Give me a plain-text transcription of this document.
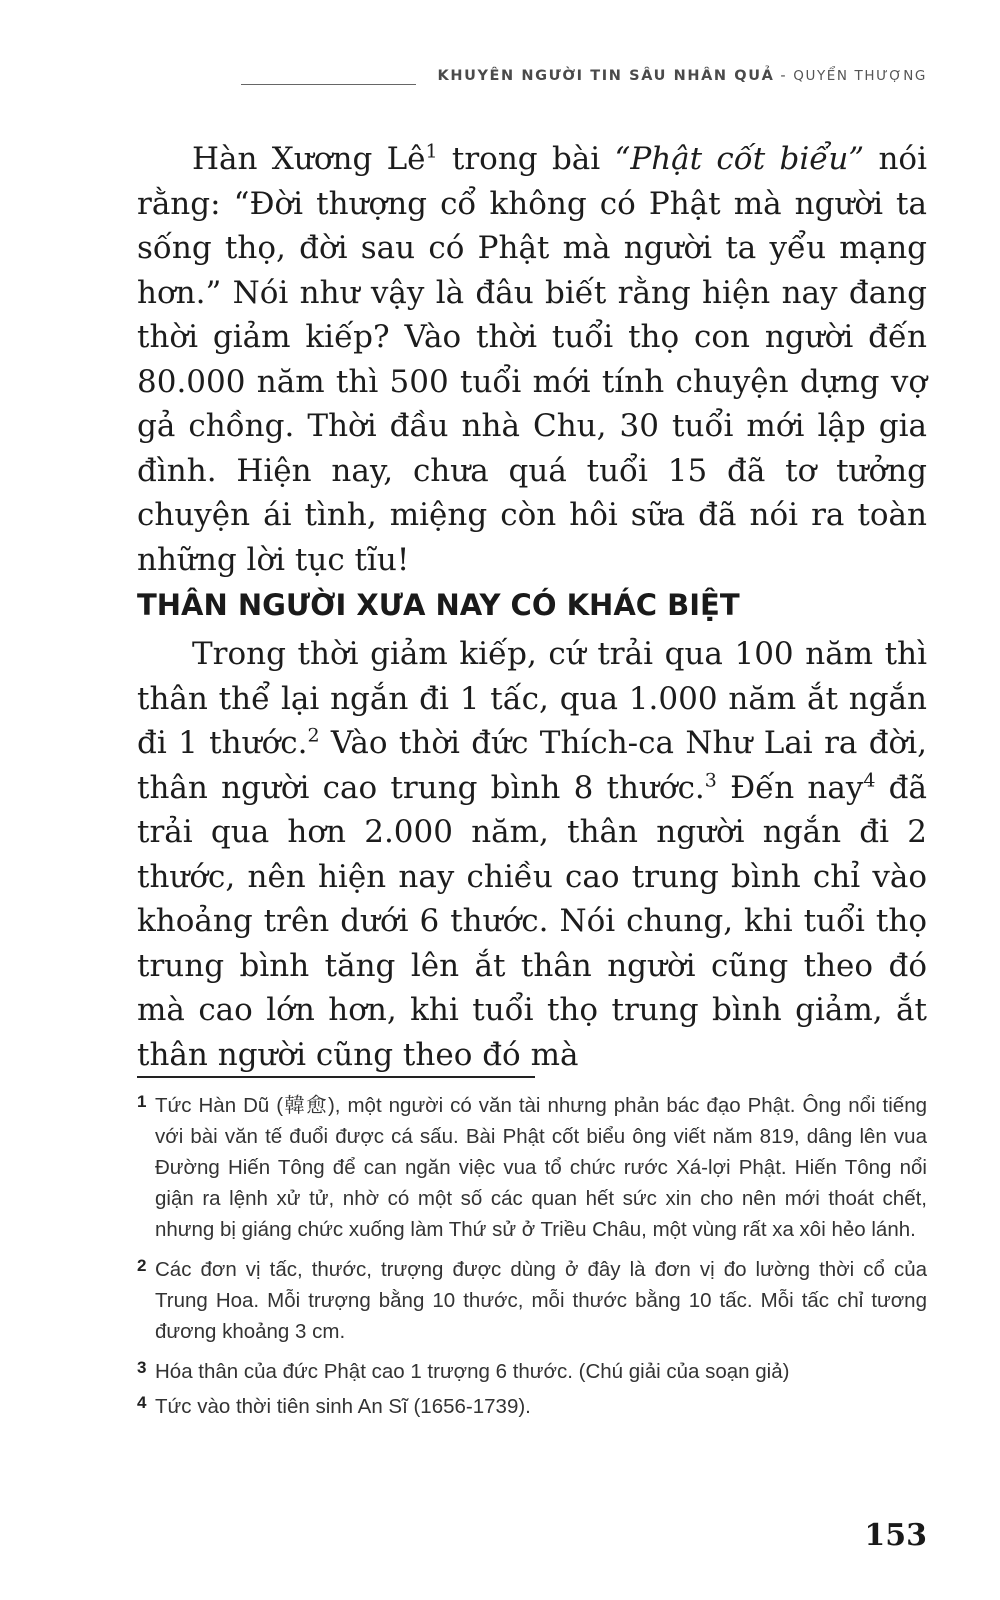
KHUYÊN NGƯỜI TIN SÂU NHÂN QUẢ - QUYỂN THƯỢNG

Hàn Xương $Lê^1$ trong bài “Phật cốt biểu” nói rằng: “Đời thượng cổ không có Phật mà người ta sống thọ, đời sau có Phật mà người ta yểu mạng hơn.” Nói như vậy là đâu biết rằng hiện nay đang thời giảm kiếp? Vào thời tuổi thọ con người đến 80.000 năm thì 500 tuổi mới tính chuyện dựng vợ gả chồng. Thời đầu nhà Chu, 30 tuổi mới lập gia đình. Hiện nay, chưa quá tuổi 15 đã tơ tưởng chuyện ái tình, miệng còn hôi sữa đã nói ra toàn những lời tục tĩu!

THÂN NGƯỜI XƯA NAY CÓ KHÁC BIỆT

Trong thời giảm kiếp, cứ trải qua 100 năm thì thân thể lại ngắn đi 1 tấc, qua 1.000 năm ắt ngắn đi 1 thước.$^2$ Vào thời đức Thích-ca Như Lai ra đời, thân người cao trung bình 8 thước.$^3$ Đến nay$^4$ đã trải qua hơn 2.000 năm, thân người ngắn đi 2 thước, nên hiện nay chiều cao trung bình chỉ vào khoảng trên dưới 6 thước. Nói chung, khi tuổi thọ trung bình tăng lên ắt thân người cũng theo đó mà cao lớn hơn, khi tuổi thọ trung bình giảm, ắt thân người cũng theo đó mà

1 Tức Hàn Dũ (韓愈), một người có văn tài nhưng phản bác đạo Phật. Ông nổi tiếng với bài văn tế đuổi được cá sấu. Bài Phật cốt biểu ông viết năm 819, dâng lên vua Đường Hiến Tông để can ngăn việc vua tổ chức rước Xá-lợi Phật. Hiến Tông nổi giận ra lệnh xử tử, nhờ có một số các quan hết sức xin cho nên mới thoát chết, nhưng bị giáng chức xuống làm Thứ sử ở Triều Châu, một vùng rất xa xôi hẻo lánh.

2 Các đơn vị tấc, thước, trượng được dùng ở đây là đơn vị đo lường thời cổ của Trung Hoa. Mỗi trượng bằng 10 thước, mỗi thước bằng 10 tấc. Mỗi tấc chỉ tương đương khoảng 3 cm.

3 Hóa thân của đức Phật cao 1 trượng 6 thước. (Chú giải của soạn giả)

4 Tức vào thời tiên sinh An Sĩ (1656-1739).

153
